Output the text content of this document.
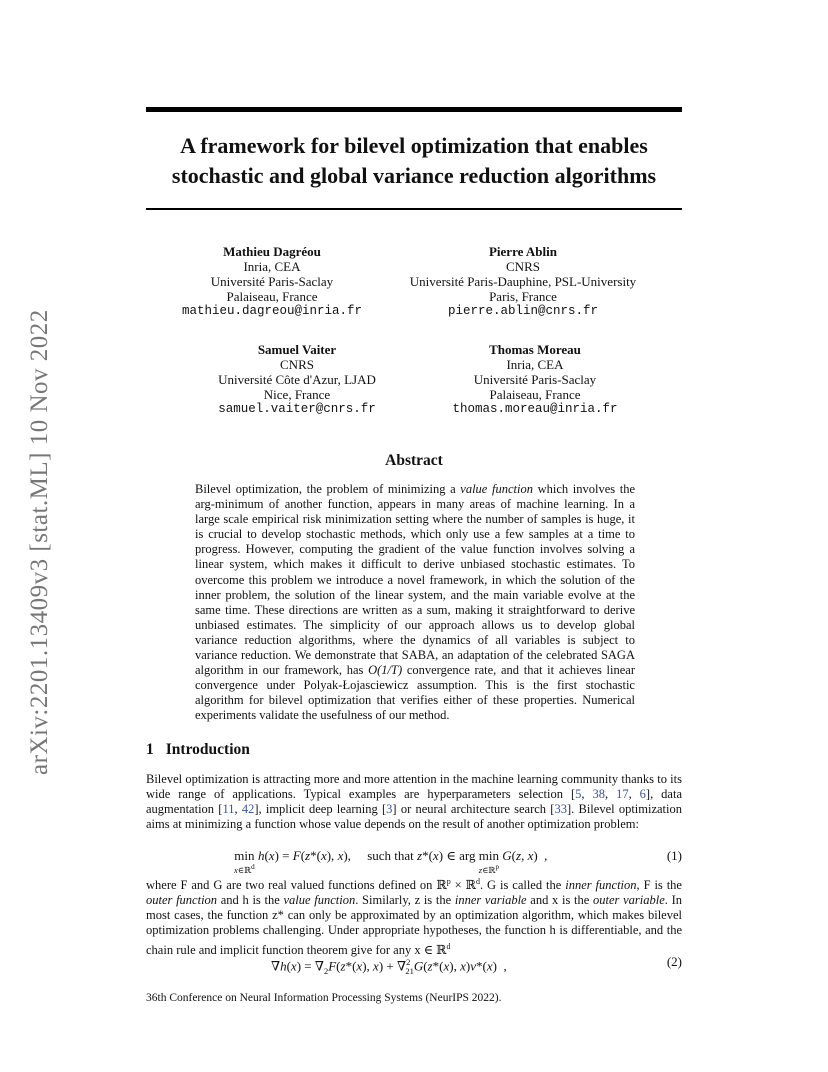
arXiv:2201.13409v3 [stat.ML] 10 Nov 2022
A framework for bilevel optimization that enables
stochastic and global variance reduction algorithms
Mathieu Dagréou
Inria, CEA
Université Paris-Saclay
Palaiseau, France
mathieu.dagreou@inria.fr
Pierre Ablin
CNRS
Université Paris-Dauphine, PSL-University
Paris, France
pierre.ablin@cnrs.fr
Samuel Vaiter
CNRS
Université Côte d'Azur, LJAD
Nice, France
samuel.vaiter@cnrs.fr
Thomas Moreau
Inria, CEA
Université Paris-Saclay
Palaiseau, France
thomas.moreau@inria.fr
Abstract
Bilevel optimization, the problem of minimizing a value function which involves the arg-minimum of another function, appears in many areas of machine learning. In a large scale empirical risk minimization setting where the number of samples is huge, it is crucial to develop stochastic methods, which only use a few samples at a time to progress. However, computing the gradient of the value function involves solving a linear system, which makes it difficult to derive unbiased stochastic estimates. To overcome this problem we introduce a novel framework, in which the solution of the inner problem, the solution of the linear system, and the main variable evolve at the same time. These directions are written as a sum, making it straightforward to derive unbiased estimates. The simplicity of our approach allows us to develop global variance reduction algorithms, where the dynamics of all variables is subject to variance reduction. We demonstrate that SABA, an adaptation of the celebrated SAGA algorithm in our framework, has O(1/T) convergence rate, and that it achieves linear convergence under Polyak-Łojasciewicz assumption. This is the first stochastic algorithm for bilevel optimization that verifies either of these properties. Numerical experiments validate the usefulness of our method.
1 Introduction
Bilevel optimization is attracting more and more attention in the machine learning community thanks to its wide range of applications. Typical examples are hyperparameters selection [5, 38, 17, 6], data augmentation [11, 42], implicit deep learning [3] or neural architecture search [33]. Bilevel optimization aims at minimizing a function whose value depends on the result of another optimization problem:
min
$^{x\in ℝ^d}$ h(x) = F(z*(x), x),     such that z*(x) ∈ arg min
$^{z\in ℝ^p}$ G(z, x)  ,	(1)
where F and G are two real valued functions defined on ℝ$^p$ × ℝ$^d$. G is called the inner function, F is the outer function and h is the value function. Similarly, z is the inner variable and x is the outer variable. In most cases, the function z* can only be approximated by an optimization algorithm, which makes bilevel optimization problems challenging. Under appropriate hypotheses, the function h is differentiable, and the chain rule and implicit function theorem give for any x ∈ ℝ$^d$
$\nabla h(x) = \nabla_2F(z*(x)$, x) + ∇$^2_{21}$G(z*(x), x)v*(x)  ,	(2)
36th Conference on Neural Information Processing Systems (NeurIPS 2022).
